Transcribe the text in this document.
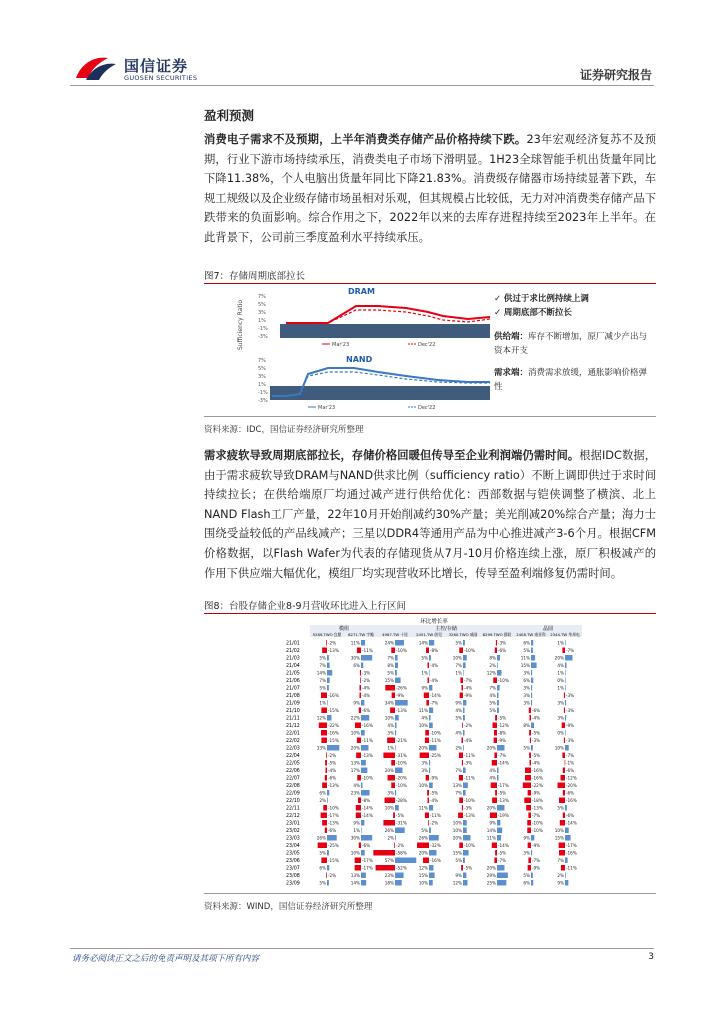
国信证券
GUOSEN SECURITIES	证券研究报告
盈利预测

消费电子需求不及预期，上半年消费类存储产品价格持续下跌。23年宏观经济复苏不及预期，行业下游市场持续承压，消费类电子市场下滑明显。1H23全球智能手机出货量年同比下降11.38%，个人电脑出货量年同比下降21.83%。消费级存储器市场持续显著下跌，车规工规级以及企业级存储市场虽相对乐观，但其规模占比较低，无力对冲消费类存储产品下跌带来的负面影响。综合作用之下，2022年以来的去库存进程持续至2023年上半年。在此背景下，公司前三季度盈利水平持续承压。

图7：存储周期底部拉长
Sufficiency Ratio
DRAM
7%
5%
3%
1%
-1%
-3%
Mar'23	Dec'22
NAND
7%
5%
3%
1%
-1%
-3%
Mar'23	Dec'22
✓ 供过于求比例持续上调
✓ 周期底部不断拉长
供给端：库存不断增加，原厂减少产出与资本开支
需求端：消费需求放缓，通胀影响价格弹性
资料来源：IDC，国信证券经济研究所整理

需求疲软导致周期底部拉长，存储价格回暖但传导至企业利润端仍需时间。根据IDC数据，由于需求疲软导致DRAM与NAND供求比例（sufficiency ratio）不断上调即供过于求时间持续拉长；在供给端原厂均通过减产进行供给优化：西部数据与铠侠调整了横滨、北上NAND Flash工厂产量，22年10月开始削减约30%产量；美光削减20%综合产量；海力士围绕受益较低的产品线减产；三星以DDR4等通用产品为中心推进减产3-6个月。根据CFM价格数据，以Flash Wafer为代表的存储现货从7月-10月价格连续上涨，原厂积极减产的作用下供应端大幅优化，模组厂均实现营收环比增长，传导至盈利端修复仍需时间。

图8：台股存储企业8-9月营收环比进入上行区间
环比增长率
模组	主控/存储	晶圆
5289.TWO 宜鼎 8271.TW 宇瞻 4967.TW 十铨 2451.TW 创见 3260.TWO 威刚 8299.TWO 群联 2408.TW 南亚科 2344.TW 华邦电
21/01	-2%	11%	24%	14%	5%	-3%	6%	1%
21/02	-13%	-11%	-10%	-8%	-10%	-6%	5%	-7%
21/03	5%	30%	7%	5%	10%	8%	11%	20%
21/04	7%	6%	8%	-4%	7%	2%	15%	4%
21/05	14%	-3%	5%	1%	1%	12%	3%	1%
21/06	7%	-2%	15%	-4%	-7%	-10%	6%	0%
21/07	5%	-4%	-26%	9%	-4%	7%	3%	1%
21/08	-16%	-4%	-9%	-14%	-9%	4%	3%	-3%
21/09	1%	9%	34%	-7%	9%	5%	3%	3%
21/10	-15%	-6%	-13%	11%	4%	5%	-6%	-3%
21/11	12%	22%	10%	4%	5%	-5%	-4%	3%
21/12	-22%	-16%	4%	10%	-2%	-12%	8%	-9%
22/01	-16%	10%	3%	-10%	4%	-8%	-5%	0%
22/02	-15%	-11%	-21%	-11%	-4%	-9%	-3%	-3%
22/03	33%	20%	1%	20%	2%	20%	5%	10%
22/04	-2%	-13%	-31%	-25%	-11%	-7%	-5%	-7%
22/05	-5%	13%	-10%	3%	-3%	-14%	-4%	-1%
22/06	-4%	17%	20%	3%	7%	4%	-16%	-6%
22/07	-6%	-10%	-20%	-9%	-11%	4%	-16%	-12%
22/08	-13%	4%	-10%	10%	13%	-17%	-22%	-20%
22/09	6%	23%	3%	-5%	7%	-5%	-9%	-6%
22/10	2%	-8%	-28%	-4%	-10%	-13%	-18%	-16%
22/11	-10%	-14%	10%	11%	-3%	20%	-13%	5%
22/12	-17%	-14%	-5%	-11%	-13%	-19%	-7%	-6%
23/01	-13%	9%	-31%	-2%	10%	9%	-10%	-14%
23/02	-6%	1%	26%	5%	10%	14%	-10%	10%
23/03	26%	30%	2%	26%	20%	11%	9%	15%
23/04	-25%	-6%	-2%	-32%	-10%	-14%	-9%	-17%
23/05	5%	10%	-58%	20%	15%	-5%	3%	-16%
23/06	-15%	-17%	57%	-16%	5%	-7%	-7%	7%
23/07	6%	-17%	-52%	12%	-5%	20%	-9%	-11%
23/08	-2%	13%	23%	15%	9%	29%	5%	2%
23/09	5%	14%	18%	10%	12%	25%	6%	9%
资料来源：WIND，国信证券经济研究所整理
请务必阅读正文之后的免责声明及其项下所有内容	3
